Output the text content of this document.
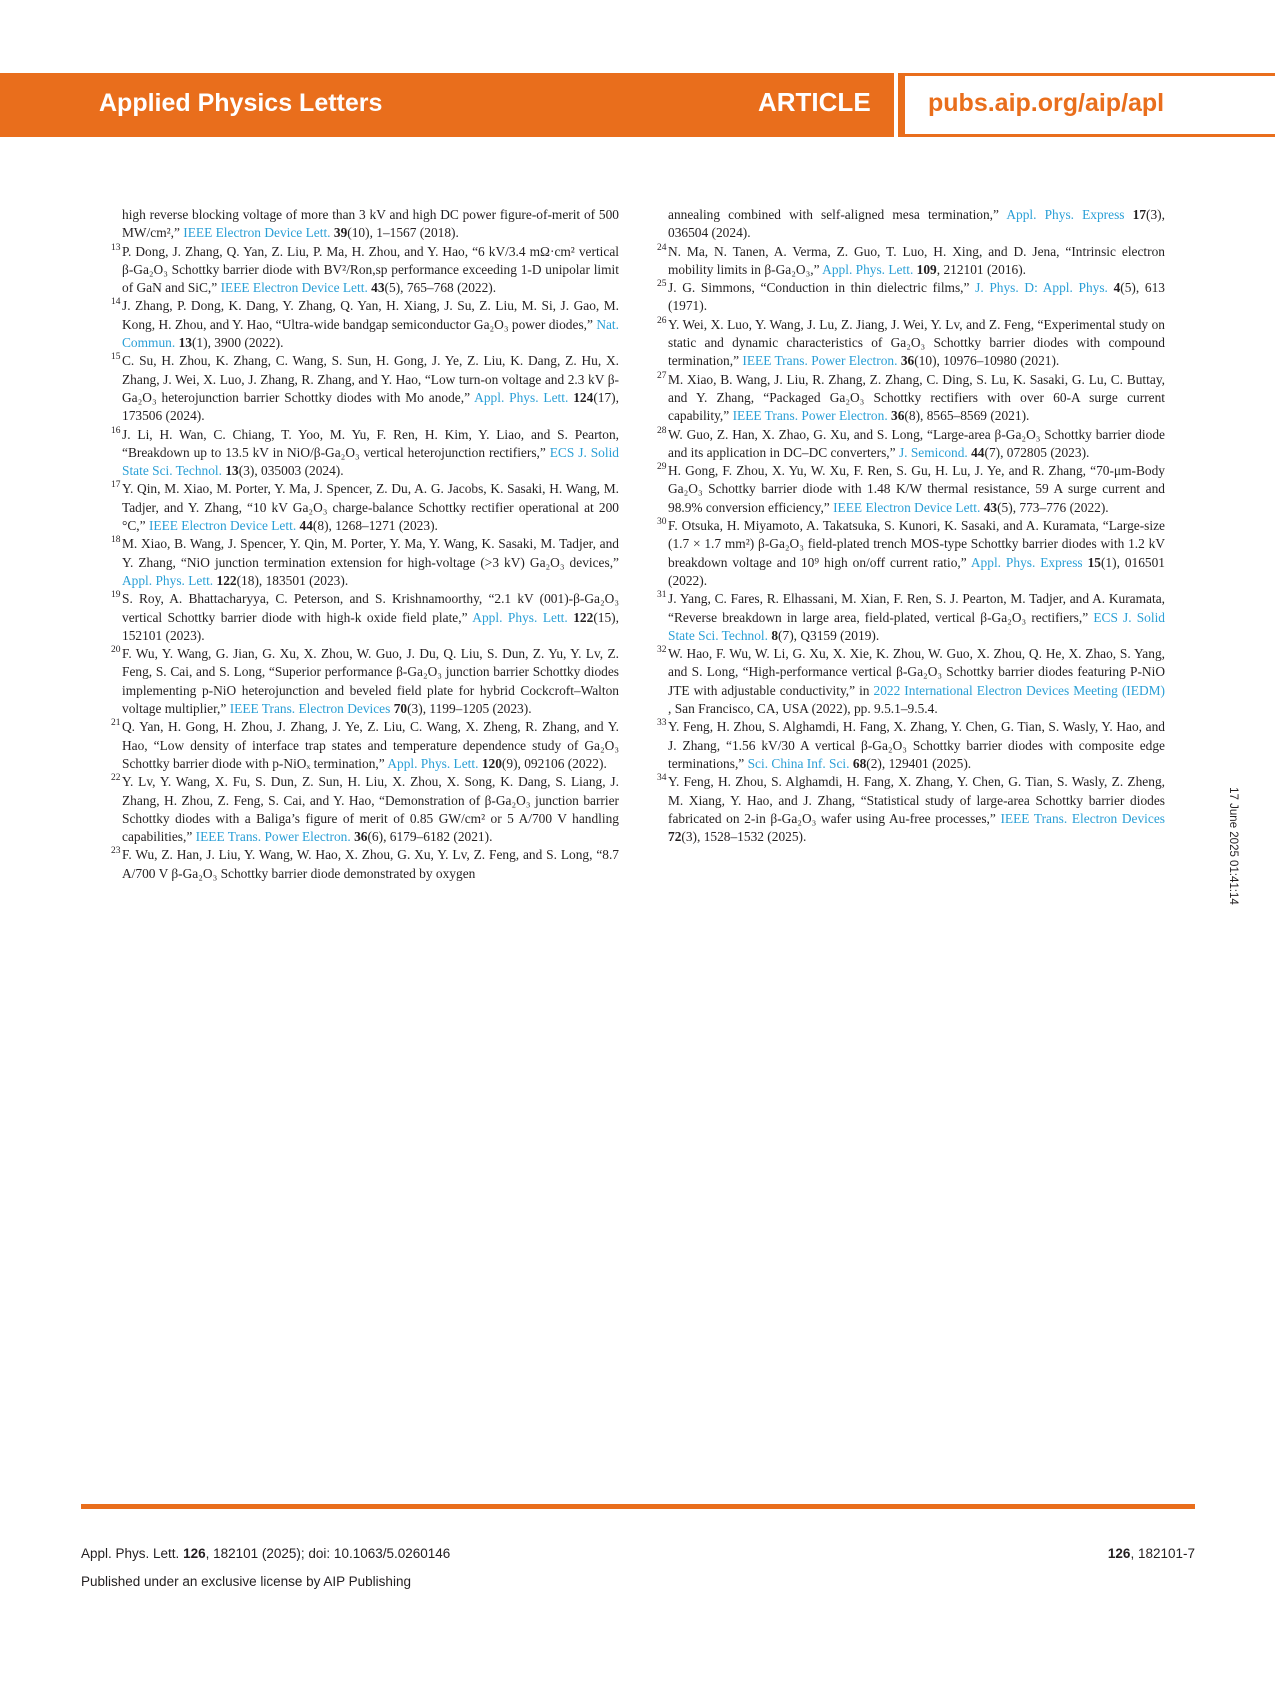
Applied Physics Letters	ARTICLE pubs.aip.org/aip/apl
high reverse blocking voltage of more than 3 kV and high DC power figure-of-merit of 500 MW/cm²,” IEEE Electron Device Lett. 39(10), 1–1567 (2018).
13 P. Dong, J. Zhang, Q. Yan, Z. Liu, P. Ma, H. Zhou, and Y. Hao, “6 kV/3.4 mΩ·cm² vertical β-Ga₂O₃ Schottky barrier diode with BV²/Ron,sp performance exceeding 1-D unipolar limit of GaN and SiC,” IEEE Electron Device Lett. 43(5), 765–768 (2022).
14 J. Zhang, P. Dong, K. Dang, Y. Zhang, Q. Yan, H. Xiang, J. Su, Z. Liu, M. Si, J. Gao, M. Kong, H. Zhou, and Y. Hao, “Ultra-wide bandgap semiconductor Ga₂O₃ power diodes,” Nat. Commun. 13(1), 3900 (2022).
15 C. Su, H. Zhou, K. Zhang, C. Wang, S. Sun, H. Gong, J. Ye, Z. Liu, K. Dang, Z. Hu, X. Zhang, J. Wei, X. Luo, J. Zhang, R. Zhang, and Y. Hao, “Low turn-on voltage and 2.3 kV β-Ga₂O₃ heterojunction barrier Schottky diodes with Mo anode,” Appl. Phys. Lett. 124(17), 173506 (2024).
16 J. Li, H. Wan, C. Chiang, T. Yoo, M. Yu, F. Ren, H. Kim, Y. Liao, and S. Pearton, “Breakdown up to 13.5 kV in NiO/β-Ga₂O₃ vertical heterojunction rectifiers,” ECS J. Solid State Sci. Technol. 13(3), 035003 (2024).
17 Y. Qin, M. Xiao, M. Porter, Y. Ma, J. Spencer, Z. Du, A. G. Jacobs, K. Sasaki, H. Wang, M. Tadjer, and Y. Zhang, “10 kV Ga₂O₃ charge-balance Schottky rectifier operational at 200 °C,” IEEE Electron Device Lett. 44(8), 1268–1271 (2023).
18 M. Xiao, B. Wang, J. Spencer, Y. Qin, M. Porter, Y. Ma, Y. Wang, K. Sasaki, M. Tadjer, and Y. Zhang, “NiO junction termination extension for high-voltage (>3 kV) Ga₂O₃ devices,” Appl. Phys. Lett. 122(18), 183501 (2023).
19 S. Roy, A. Bhattacharyya, C. Peterson, and S. Krishnamoorthy, “2.1 kV (001)-β-Ga₂O₃ vertical Schottky barrier diode with high-k oxide field plate,” Appl. Phys. Lett. 122(15), 152101 (2023).
20 F. Wu, Y. Wang, G. Jian, G. Xu, X. Zhou, W. Guo, J. Du, Q. Liu, S. Dun, Z. Yu, Y. Lv, Z. Feng, S. Cai, and S. Long, “Superior performance β-Ga₂O₃ junction barrier Schottky diodes implementing p-NiO heterojunction and beveled field plate for hybrid Cockcroft–Walton voltage multiplier,” IEEE Trans. Electron Devices 70(3), 1199–1205 (2023).
21 Q. Yan, H. Gong, H. Zhou, J. Zhang, J. Ye, Z. Liu, C. Wang, X. Zheng, R. Zhang, and Y. Hao, “Low density of interface trap states and temperature dependence study of Ga₂O₃ Schottky barrier diode with p-NiOₓ termination,” Appl. Phys. Lett. 120(9), 092106 (2022).
22 Y. Lv, Y. Wang, X. Fu, S. Dun, Z. Sun, H. Liu, X. Zhou, X. Song, K. Dang, S. Liang, J. Zhang, H. Zhou, Z. Feng, S. Cai, and Y. Hao, “Demonstration of β-Ga₂O₃ junction barrier Schottky diodes with a Baliga’s figure of merit of 0.85 GW/cm² or 5 A/700 V handling capabilities,” IEEE Trans. Power Electron. 36(6), 6179–6182 (2021).
23 F. Wu, Z. Han, J. Liu, Y. Wang, W. Hao, X. Zhou, G. Xu, Y. Lv, Z. Feng, and S. Long, “8.7 A/700 V β-Ga₂O₃ Schottky barrier diode demonstrated by oxygen
annealing combined with self-aligned mesa termination,” Appl. Phys. Express 17(3), 036504 (2024).
24 N. Ma, N. Tanen, A. Verma, Z. Guo, T. Luo, H. Xing, and D. Jena, “Intrinsic electron mobility limits in β-Ga₂O₃,” Appl. Phys. Lett. 109, 212101 (2016).
25 J. G. Simmons, “Conduction in thin dielectric films,” J. Phys. D: Appl. Phys. 4(5), 613 (1971).
26 Y. Wei, X. Luo, Y. Wang, J. Lu, Z. Jiang, J. Wei, Y. Lv, and Z. Feng, “Experimental study on static and dynamic characteristics of Ga₂O₃ Schottky barrier diodes with compound termination,” IEEE Trans. Power Electron. 36(10), 10976–10980 (2021).
27 M. Xiao, B. Wang, J. Liu, R. Zhang, Z. Zhang, C. Ding, S. Lu, K. Sasaki, G. Lu, C. Buttay, and Y. Zhang, “Packaged Ga₂O₃ Schottky rectifiers with over 60-A surge current capability,” IEEE Trans. Power Electron. 36(8), 8565–8569 (2021).
28 W. Guo, Z. Han, X. Zhao, G. Xu, and S. Long, “Large-area β-Ga₂O₃ Schottky barrier diode and its application in DC–DC converters,” J. Semicond. 44(7), 072805 (2023).
29 H. Gong, F. Zhou, X. Yu, W. Xu, F. Ren, S. Gu, H. Lu, J. Ye, and R. Zhang, “70-μm-Body Ga₂O₃ Schottky barrier diode with 1.48 K/W thermal resistance, 59 A surge current and 98.9% conversion efficiency,” IEEE Electron Device Lett. 43(5), 773–776 (2022).
30 F. Otsuka, H. Miyamoto, A. Takatsuka, S. Kunori, K. Sasaki, and A. Kuramata, “Large-size (1.7 × 1.7 mm²) β-Ga₂O₃ field-plated trench MOS-type Schottky barrier diodes with 1.2 kV breakdown voltage and 10⁹ high on/off current ratio,” Appl. Phys. Express 15(1), 016501 (2022).
31 J. Yang, C. Fares, R. Elhassani, M. Xian, F. Ren, S. J. Pearton, M. Tadjer, and A. Kuramata, “Reverse breakdown in large area, field-plated, vertical β-Ga₂O₃ rectifiers,” ECS J. Solid State Sci. Technol. 8(7), Q3159 (2019).
32 W. Hao, F. Wu, W. Li, G. Xu, X. Xie, K. Zhou, W. Guo, X. Zhou, Q. He, X. Zhao, S. Yang, and S. Long, “High-performance vertical β-Ga₂O₃ Schottky barrier diodes featuring P-NiO JTE with adjustable conductivity,” in 2022 International Electron Devices Meeting (IEDM) , San Francisco, CA, USA (2022), pp. 9.5.1–9.5.4.
33 Y. Feng, H. Zhou, S. Alghamdi, H. Fang, X. Zhang, Y. Chen, G. Tian, S. Wasly, Y. Hao, and J. Zhang, “1.56 kV/30 A vertical β-Ga₂O₃ Schottky barrier diodes with composite edge terminations,” Sci. China Inf. Sci. 68(2), 129401 (2025).
34 Y. Feng, H. Zhou, S. Alghamdi, H. Fang, X. Zhang, Y. Chen, G. Tian, S. Wasly, Z. Zheng, M. Xiang, Y. Hao, and J. Zhang, “Statistical study of large-area Schottky barrier diodes fabricated on 2-in β-Ga₂O₃ wafer using Au-free processes,” IEEE Trans. Electron Devices 72(3), 1528–1532 (2025).	17 June 2025 01:41:14
Appl. Phys. Lett. 126, 182101 (2025); doi: 10.1063/5.0260146	126, 182101-7
Published under an exclusive license by AIP Publishing
